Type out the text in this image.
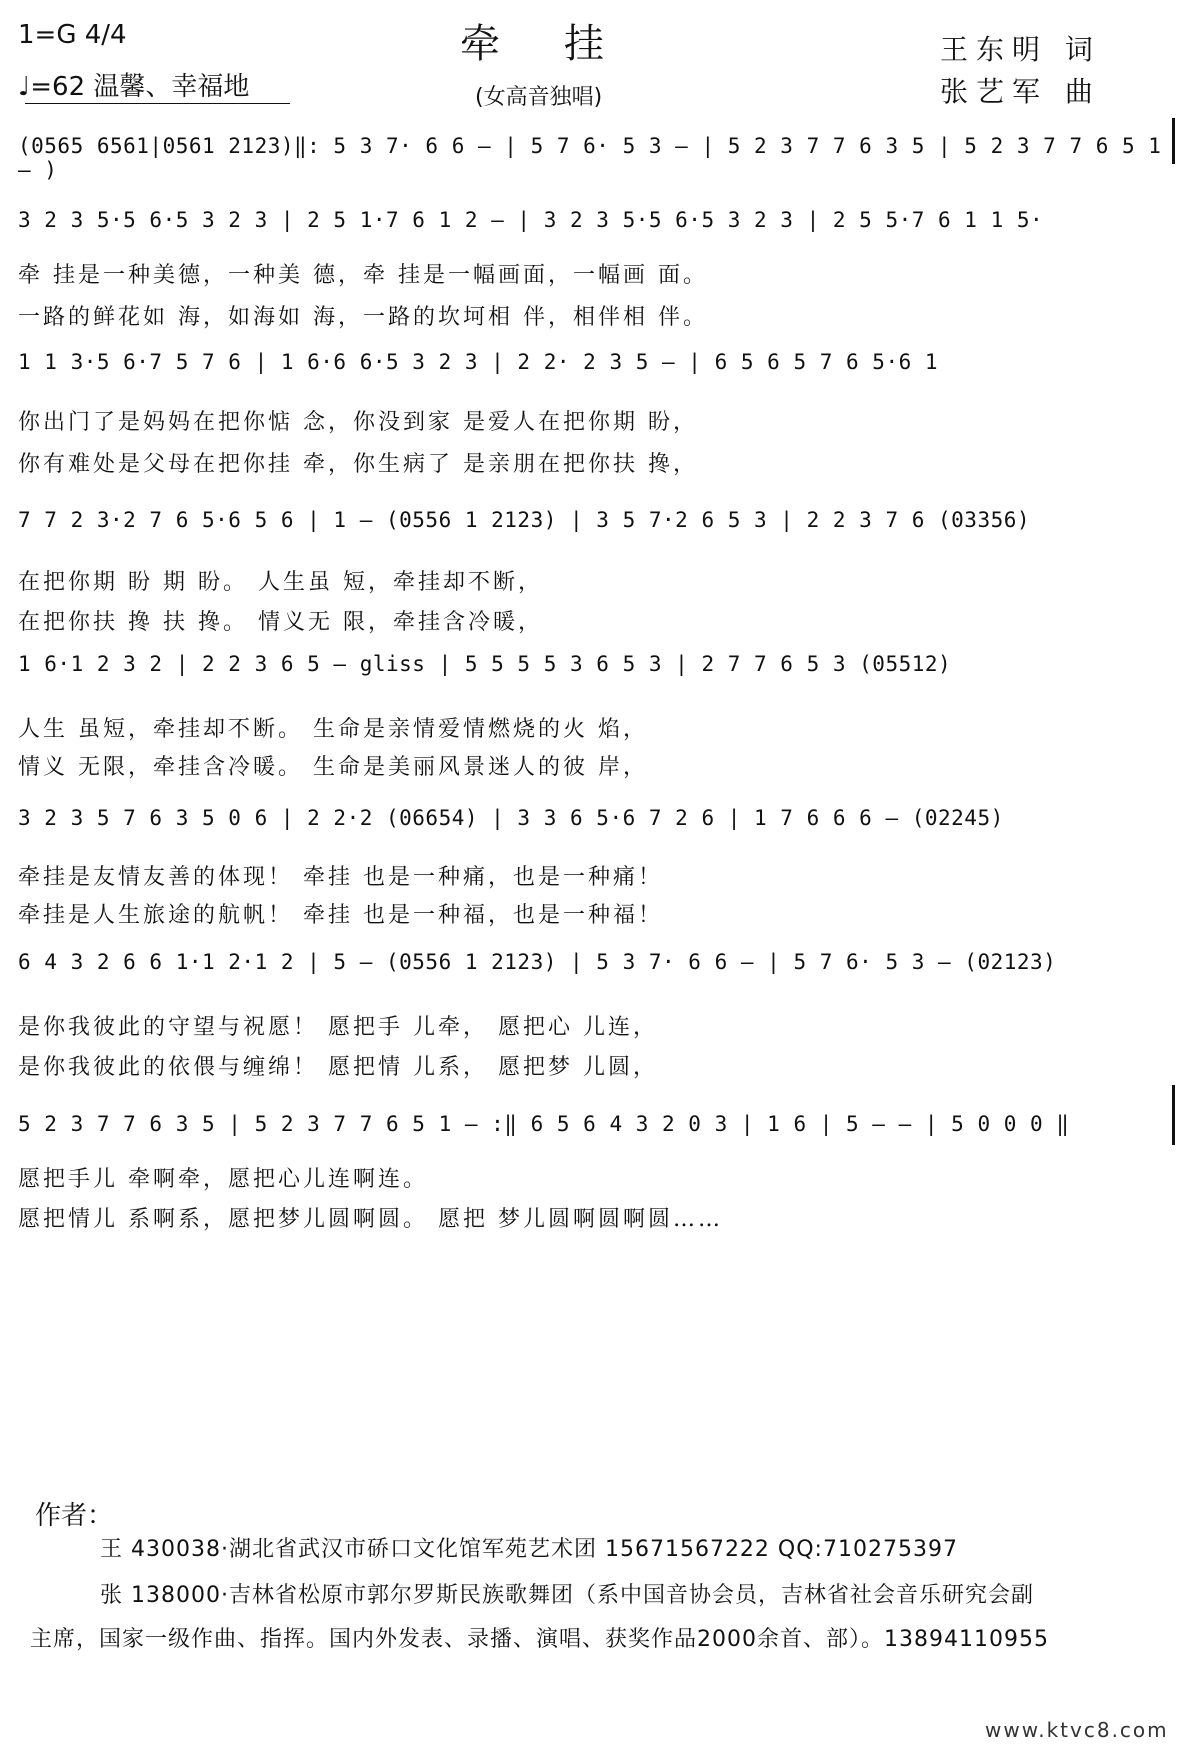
1=G 4/4
♩=62 温馨、幸福地
牵挂
(女高音独唱)
王东明 词
张艺军 曲
(0565 6561|0561 2123)‖: 5 3 7· 6 6 — | 5 7 6· 5 3 — | 5 2 3 7 7 6 3 5 | 5 2 3 7 7 6 5 1 — )
3 2 3 5·5 6·5 3 2 3 | 2 5 1·7 6 1 2 — | 3 2 3 5·5 6·5 3 2 3 | 2 5 5·7 6 1 1 5·
牵 挂是一种美德，一种美 德，牵 挂是一幅画面，一幅画 面。
一路的鲜花如 海，如海如 海，一路的坎坷相 伴，相伴相 伴。
1 1 3·5 6·7 5 7 6 | 1 6·6 6·5 3 2 3 | 2 2· 2 3 5 — | 6 5 6 5 7 6 5·6 1
你出门了是妈妈在把你惦 念，你没到家 是爱人在把你期 盼，
你有难处是父母在把你挂 牵，你生病了 是亲朋在把你扶 搀，
7 7 2 3·2 7 6 5·6 5 6 | 1 — (0556 1 2123) | 3 5 7·2 6 5 3 | 2 2 3 7 6 (03356)
在把你期 盼 期 盼。 人生虽 短，牵挂却不断，
在把你扶 搀 扶 搀。 情义无 限，牵挂含冷暖，
1 6·1 2 3 2 | 2 2 3 6 5 — gliss | 5 5 5 5 3 6 5 3 | 2 7 7 6 5 3 (05512)
人生 虽短，牵挂却不断。 生命是亲情爱情燃烧的火 焰，
情义 无限，牵挂含冷暖。 生命是美丽风景迷人的彼 岸，
3 2 3 5 7 6 3 5 0 6 | 2 2·2 (06654) | 3 3 6 5·6 7 2 6 | 1 7 6 6 6 — (02245)
牵挂是友情友善的体现！ 牵挂 也是一种痛，也是一种痛！
牵挂是人生旅途的航帆！ 牵挂 也是一种福，也是一种福！
6 4 3 2 6 6 1·1 2·1 2 | 5 — (0556 1 2123) | 5 3 7· 6 6 — | 5 7 6· 5 3 — (02123)
是你我彼此的守望与祝愿！ 愿把手 儿牵， 愿把心 儿连，
是你我彼此的依偎与缠绵！ 愿把情 儿系， 愿把梦 儿圆，
5 2 3 7 7 6 3 5 | 5 2 3 7 7 6 5 1 — :‖ 6 5 6 4 3 2 0 3 | 1 6 | 5 — — | 5 0 0 0 ‖
愿把手儿 牵啊牵，愿把心儿连啊连。
愿把情儿 系啊系，愿把梦儿圆啊圆。 愿把 梦儿圆啊圆啊圆……
作者：
王 430038·湖北省武汉市硚口文化馆军苑艺术团 15671567222 QQ:710275397
张 138000·吉林省松原市郭尔罗斯民族歌舞团（系中国音协会员，吉林省社会音乐研究会副
主席，国家一级作曲、指挥。国内外发表、录播、演唱、获奖作品2000余首、部）。13894110955
www.ktvc8.com
